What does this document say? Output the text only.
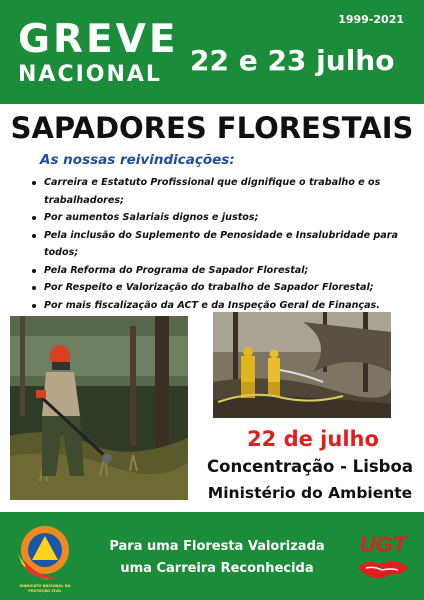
1999-2021
GREVE
NACIONAL 22 e 23 julho
SAPADORES FLORESTAIS
As nossas reivindicações:
Carreira e Estatuto Profissional que dignifique o trabalho e os trabalhadores;
Por aumentos Salariais dignos e justos;
Pela inclusão do Suplemento de Penosidade e Insalubridade para todos;
Pela Reforma do Programa de Sapador Florestal;
Por Respeito e Valorização do trabalho de Sapador Florestal;
Por mais fiscalização da ACT e da Inspeção Geral de Finanças.
22 de julho
Concentração - Lisboa
Ministério do Ambiente
SINDICATO NACIONAL DA PROTEÇÃO CIVIL
Para uma Floresta Valorizada
uma Carreira Reconhecida
UGT
